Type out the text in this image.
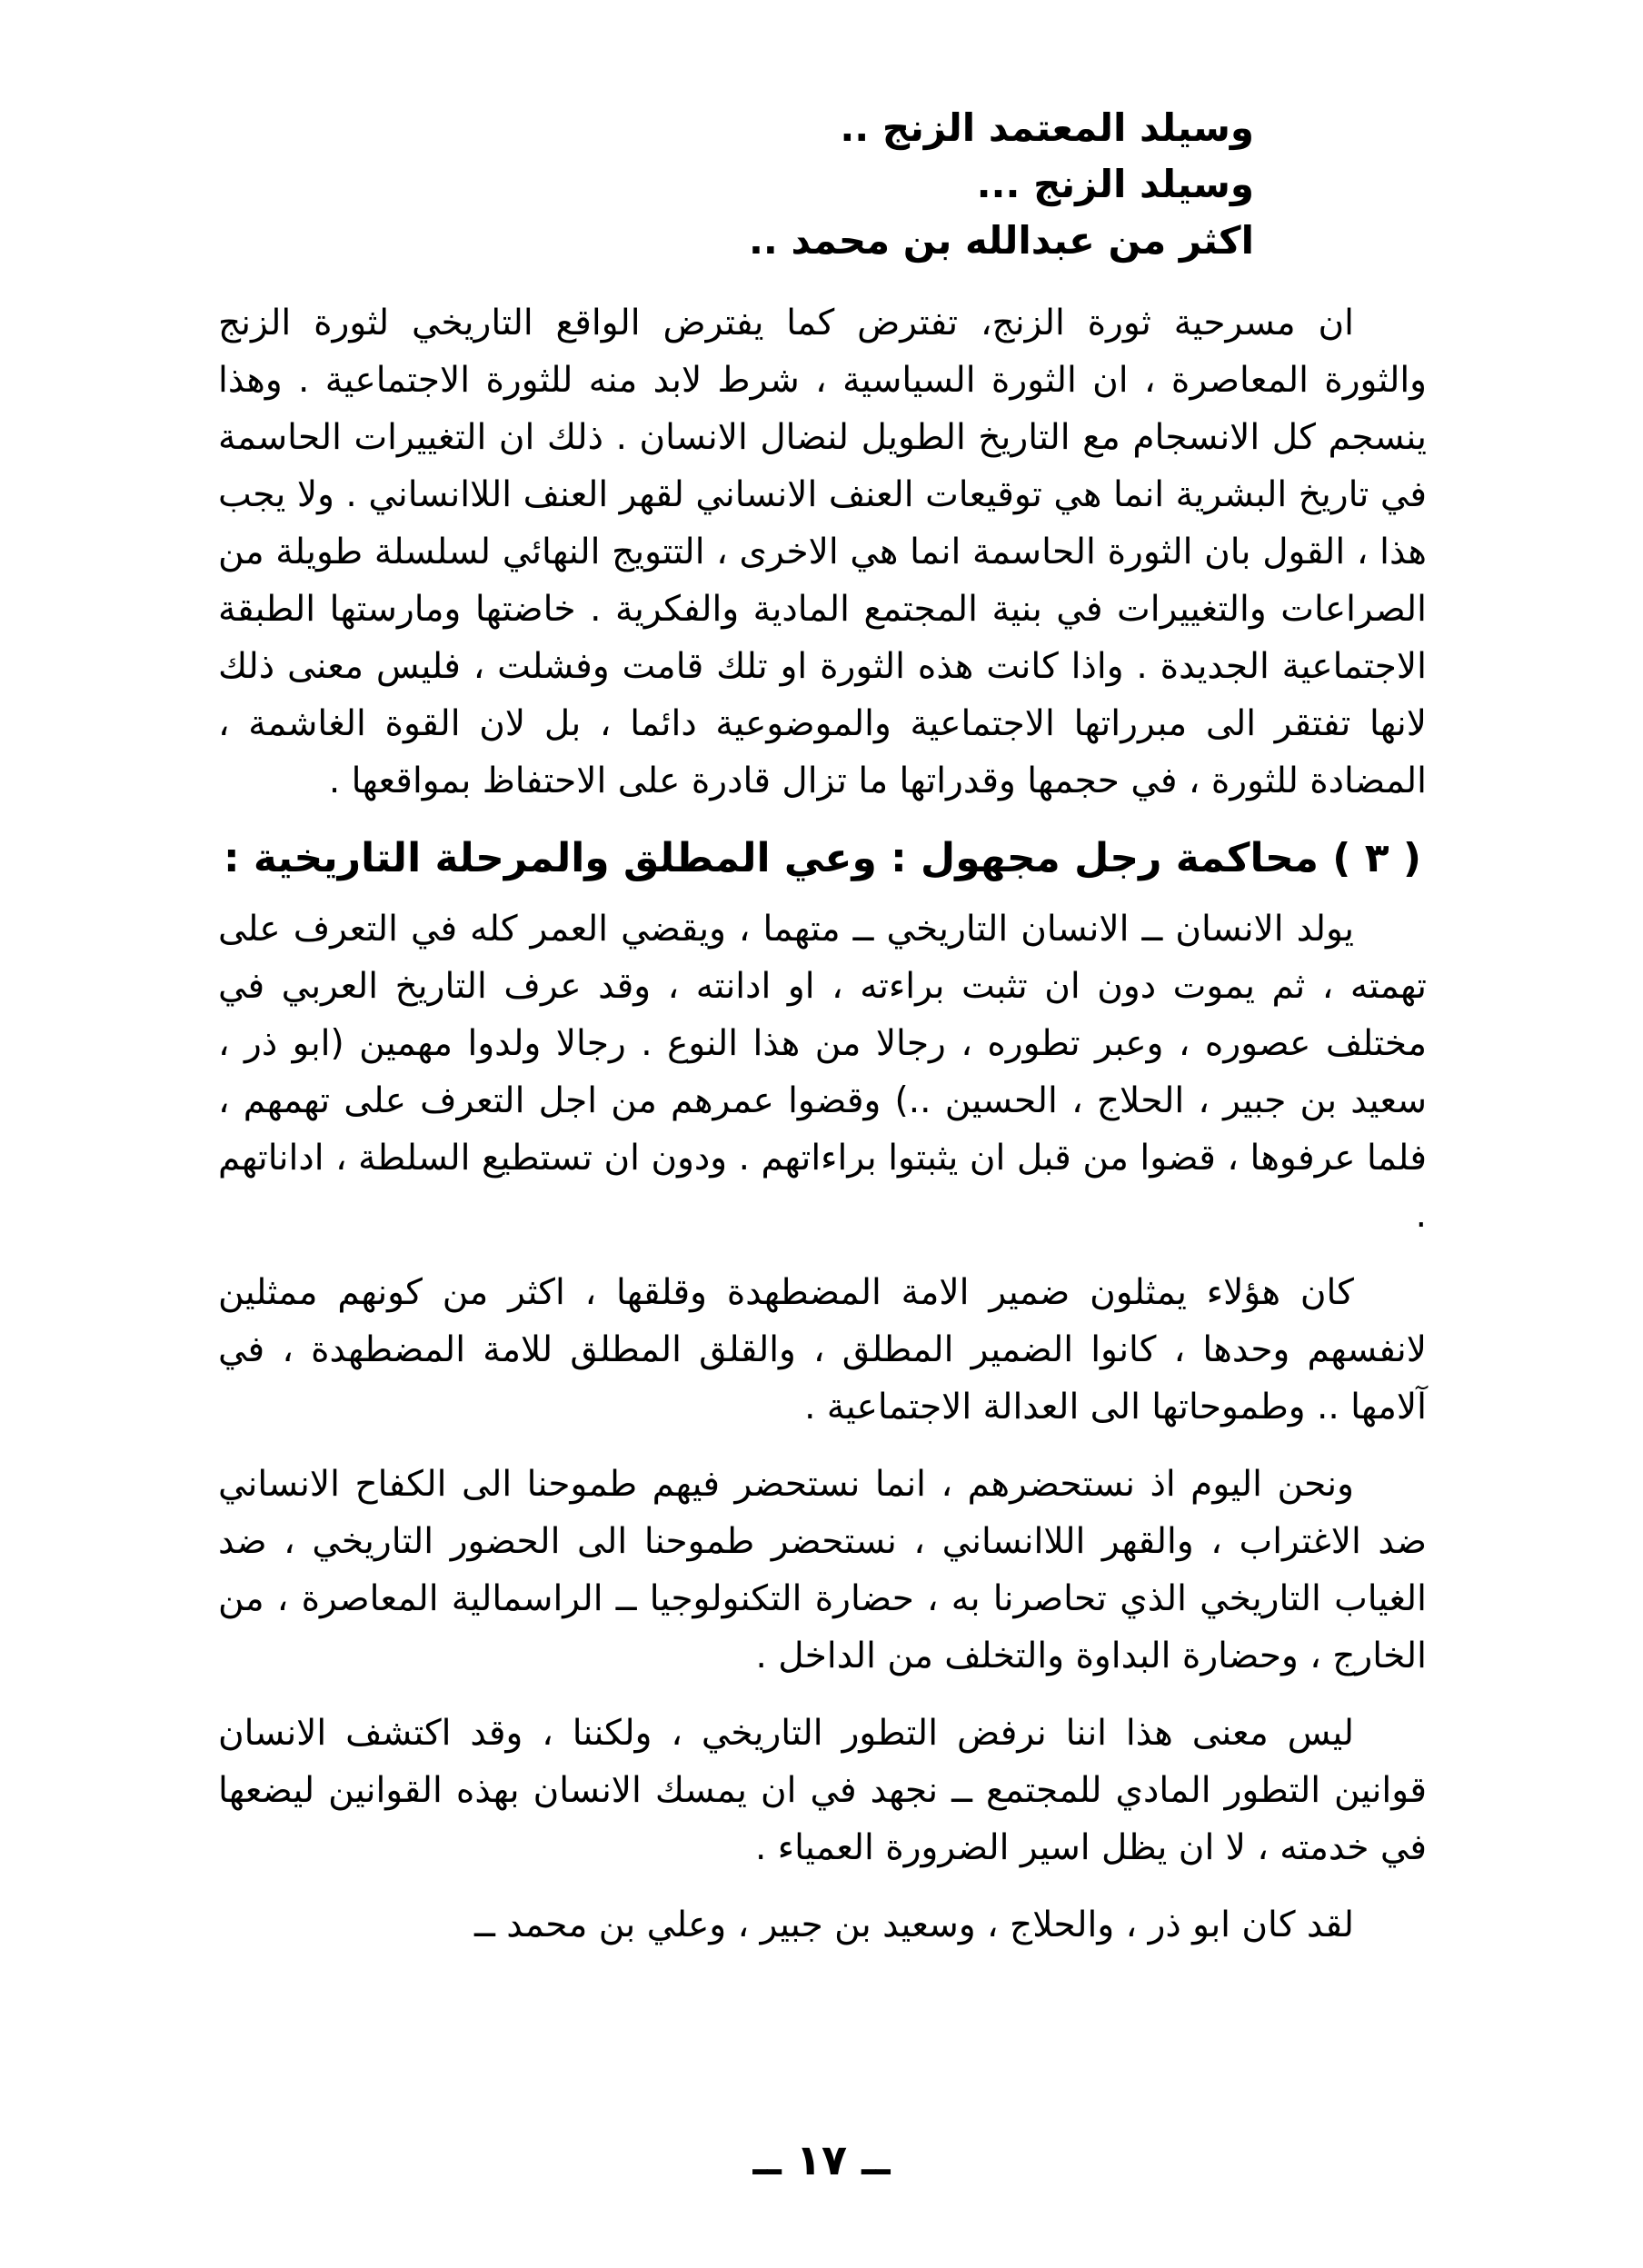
وسيلد المعتمد الزنج ..
وسيلد الزنج ...
اكثر من عبدالله بن محمد ..

ان مسرحية ثورة الزنج، تفترض كما يفترض الواقع التاريخي لثورة الزنج والثورة المعاصرة ، ان الثورة السياسية ، شرط لابد منه للثورة الاجتماعية . وهذا ينسجم كل الانسجام مع التاريخ الطويل لنضال الانسان . ذلك ان التغييرات الحاسمة في تاريخ البشرية انما هي توقيعات العنف الانساني لقهر العنف اللاانساني . ولا يجب هذا ، القول بان الثورة الحاسمة انما هي الاخرى ، التتويج النهائي لسلسلة طويلة من الصراعات والتغييرات في بنية المجتمع المادية والفكرية . خاضتها ومارستها الطبقة الاجتماعية الجديدة . واذا كانت هذه الثورة او تلك قامت وفشلت ، فليس معنى ذلك لانها تفتقر الى مبرراتها الاجتماعية والموضوعية دائما ، بل لان القوة الغاشمة ، المضادة للثورة ، في حجمها وقدراتها ما تزال قادرة على الاحتفاظ بمواقعها .

( ٣ ) محاكمة رجل مجهول : وعي المطلق والمرحلة التاريخية :

يولد الانسان ــ الانسان التاريخي ــ متهما ، ويقضي العمر كله في التعرف على تهمته ، ثم يموت دون ان تثبت براءته ، او ادانته ، وقد عرف التاريخ العربي في مختلف عصوره ، وعبر تطوره ، رجالا من هذا النوع . رجالا ولدوا مهمين (ابو ذر ، سعيد بن جبير ، الحلاج ، الحسين ..) وقضوا عمرهم من اجل التعرف على تهمهم ، فلما عرفوها ، قضوا من قبل ان يثبتوا براءاتهم . ودون ان تستطيع السلطة ، اداناتهم .

كان هؤلاء يمثلون ضمير الامة المضطهدة وقلقها ، اكثر من كونهم ممثلين لانفسهم وحدها ، كانوا الضمير المطلق ، والقلق المطلق للامة المضطهدة ، في آلامها .. وطموحاتها الى العدالة الاجتماعية .

ونحن اليوم اذ نستحضرهم ، انما نستحضر فيهم طموحنا الى الكفاح الانساني ضد الاغتراب ، والقهر اللاانساني ، نستحضر طموحنا الى الحضور التاريخي ، ضد الغياب التاريخي الذي تحاصرنا به ، حضارة التكنولوجيا ــ الراسمالية المعاصرة ، من الخارج ، وحضارة البداوة والتخلف من الداخل .

ليس معنى هذا اننا نرفض التطور التاريخي ، ولكننا ، وقد اكتشف الانسان قوانين التطور المادي للمجتمع ــ نجهد في ان يمسك الانسان بهذه القوانين ليضعها في خدمته ، لا ان يظل اسير الضرورة العمياء .

لقد كان ابو ذر ، والحلاج ، وسعيد بن جبير ، وعلي بن محمد ــ

ــ ١٧ ــ
